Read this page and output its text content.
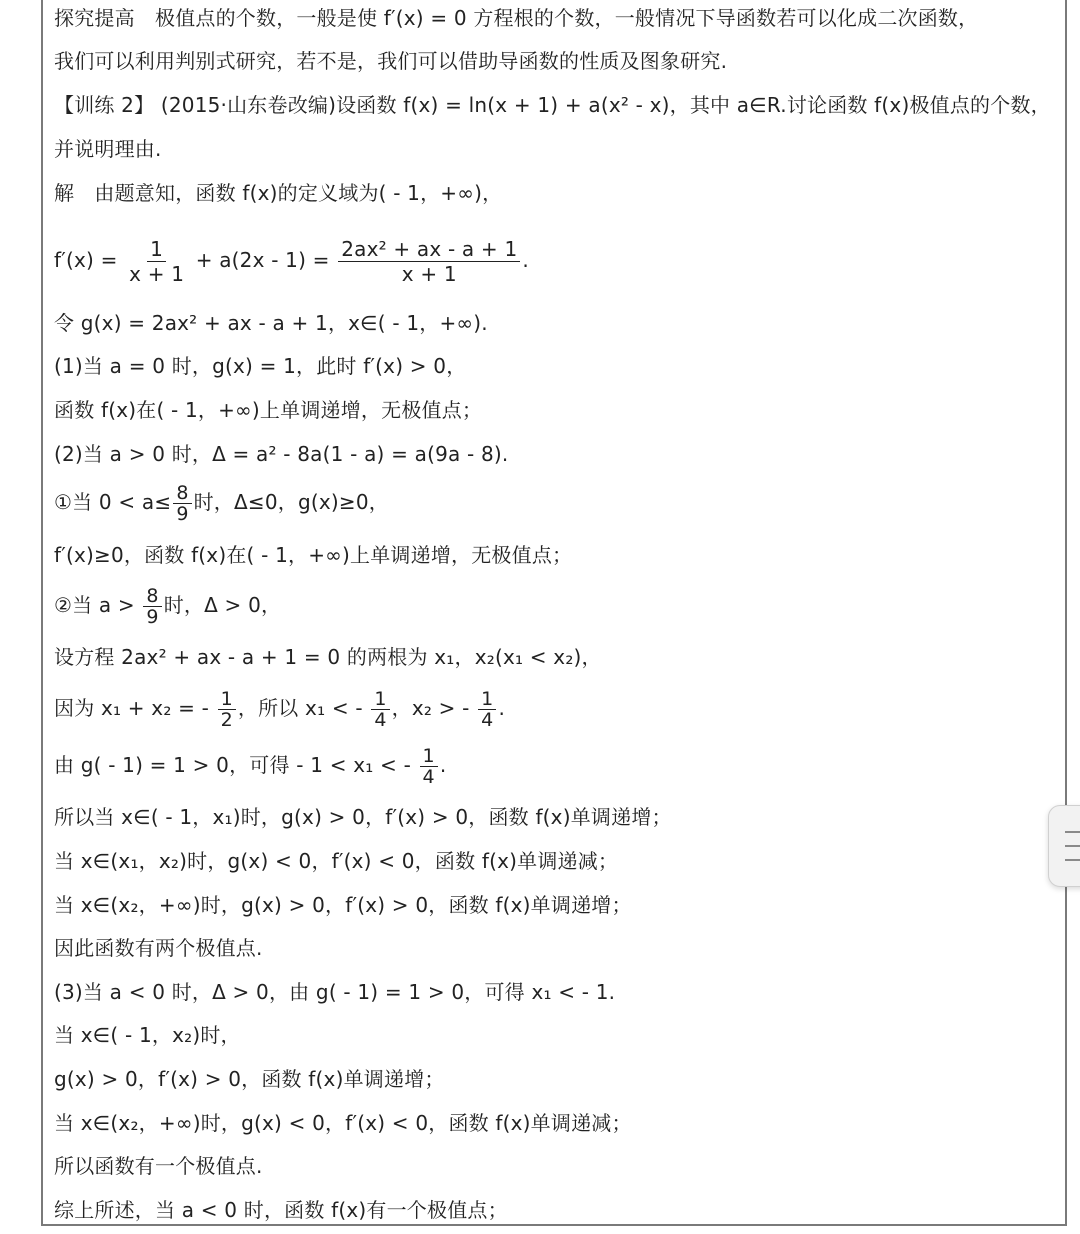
探究提高　极值点的个数，一般是使 f′(x) = 0 方程根的个数，一般情况下导函数若可以化成二次函数，
我们可以利用判别式研究，若不是，我们可以借助导函数的性质及图象研究.
【训练 2】 (2015·山东卷改编)设函数 f(x) = ln(x + 1) + a(x² - x)，其中 a∈R.讨论函数 f(x)极值点的个数，
并说明理由.
解　由题意知，函数 f(x)的定义域为( - 1，+∞)，
$f'(x) = \frac{1}{x + 1} + a(2x - 1) = \frac{\text{2ax² + ax - a + 1}}{x + 1}$ .
令 g(x) = 2ax² + ax - a + 1，x∈( - 1，+∞).
(1)当 a = 0 时，g(x) = 1，此时 f′(x) > 0，
函数 f(x)在( - 1，+∞)上单调递增，无极值点；
(2)当 a > 0 时，Δ = a² - 8a(1 - a) = a(9a - 8).
①当 $0 < a\le \frac{8}{9}$ 时，Δ≤0，g(x)≥0，
f′(x)≥0，函数 f(x)在( - 1，+∞)上单调递增，无极值点；
②当 $a > \frac{8}{9}$ 时，Δ > 0，
设方程 2ax² + ax - a + 1 = 0 的两根为 x₁，x₂(x₁ < x₂)，
因为 x₁ + x₂ = - $\frac{1}{2}$ ，所以 x₁ < - $\frac{1}{4}$ ，x₂ > - $\frac{1}{4}$ .
由 g( - 1) = 1 > 0，可得 - 1 < x₁ < - $\frac{1}{4}$ .
所以当 x∈( - 1，x₁)时，g(x) > 0，f′(x) > 0，函数 f(x)单调递增；
当 x∈(x₁，x₂)时，g(x) < 0，f′(x) < 0，函数 f(x)单调递减；
当 x∈(x₂，+∞)时，g(x) > 0，f′(x) > 0，函数 f(x)单调递增；
因此函数有两个极值点.
(3)当 a < 0 时，Δ > 0，由 g( - 1) = 1 > 0，可得 x₁ < - 1.
当 x∈( - 1，x₂)时，
g(x) > 0，f′(x) > 0，函数 f(x)单调递增；
当 x∈(x₂，+∞)时，g(x) < 0，f′(x) < 0，函数 f(x)单调递减；
所以函数有一个极值点.
综上所述，当 a < 0 时，函数 f(x)有一个极值点；
